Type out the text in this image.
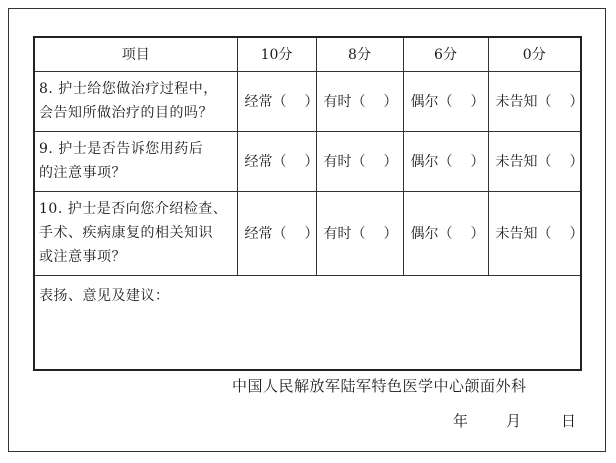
项目	10分	8分	6分	0分

8. 护士给您做治疗过程中，
会告知所做治疗的目的吗？	经常（ ）	有时（ ）	偶尔（ ）	未告知（ ）

9. 护士是否告诉您用药后
的注意事项？	经常（ ）	有时（ ）	偶尔（ ）	未告知（ ）

10. 护士是否向您介绍检查、
手术、疾病康复的相关知识
或注意事项？	经常（ ）	有时（ ）	偶尔（ ）	未告知（ ）
表扬、意见及建议：				
中国人民解放军陆军特色医学中心颌面外科
年	月	日
